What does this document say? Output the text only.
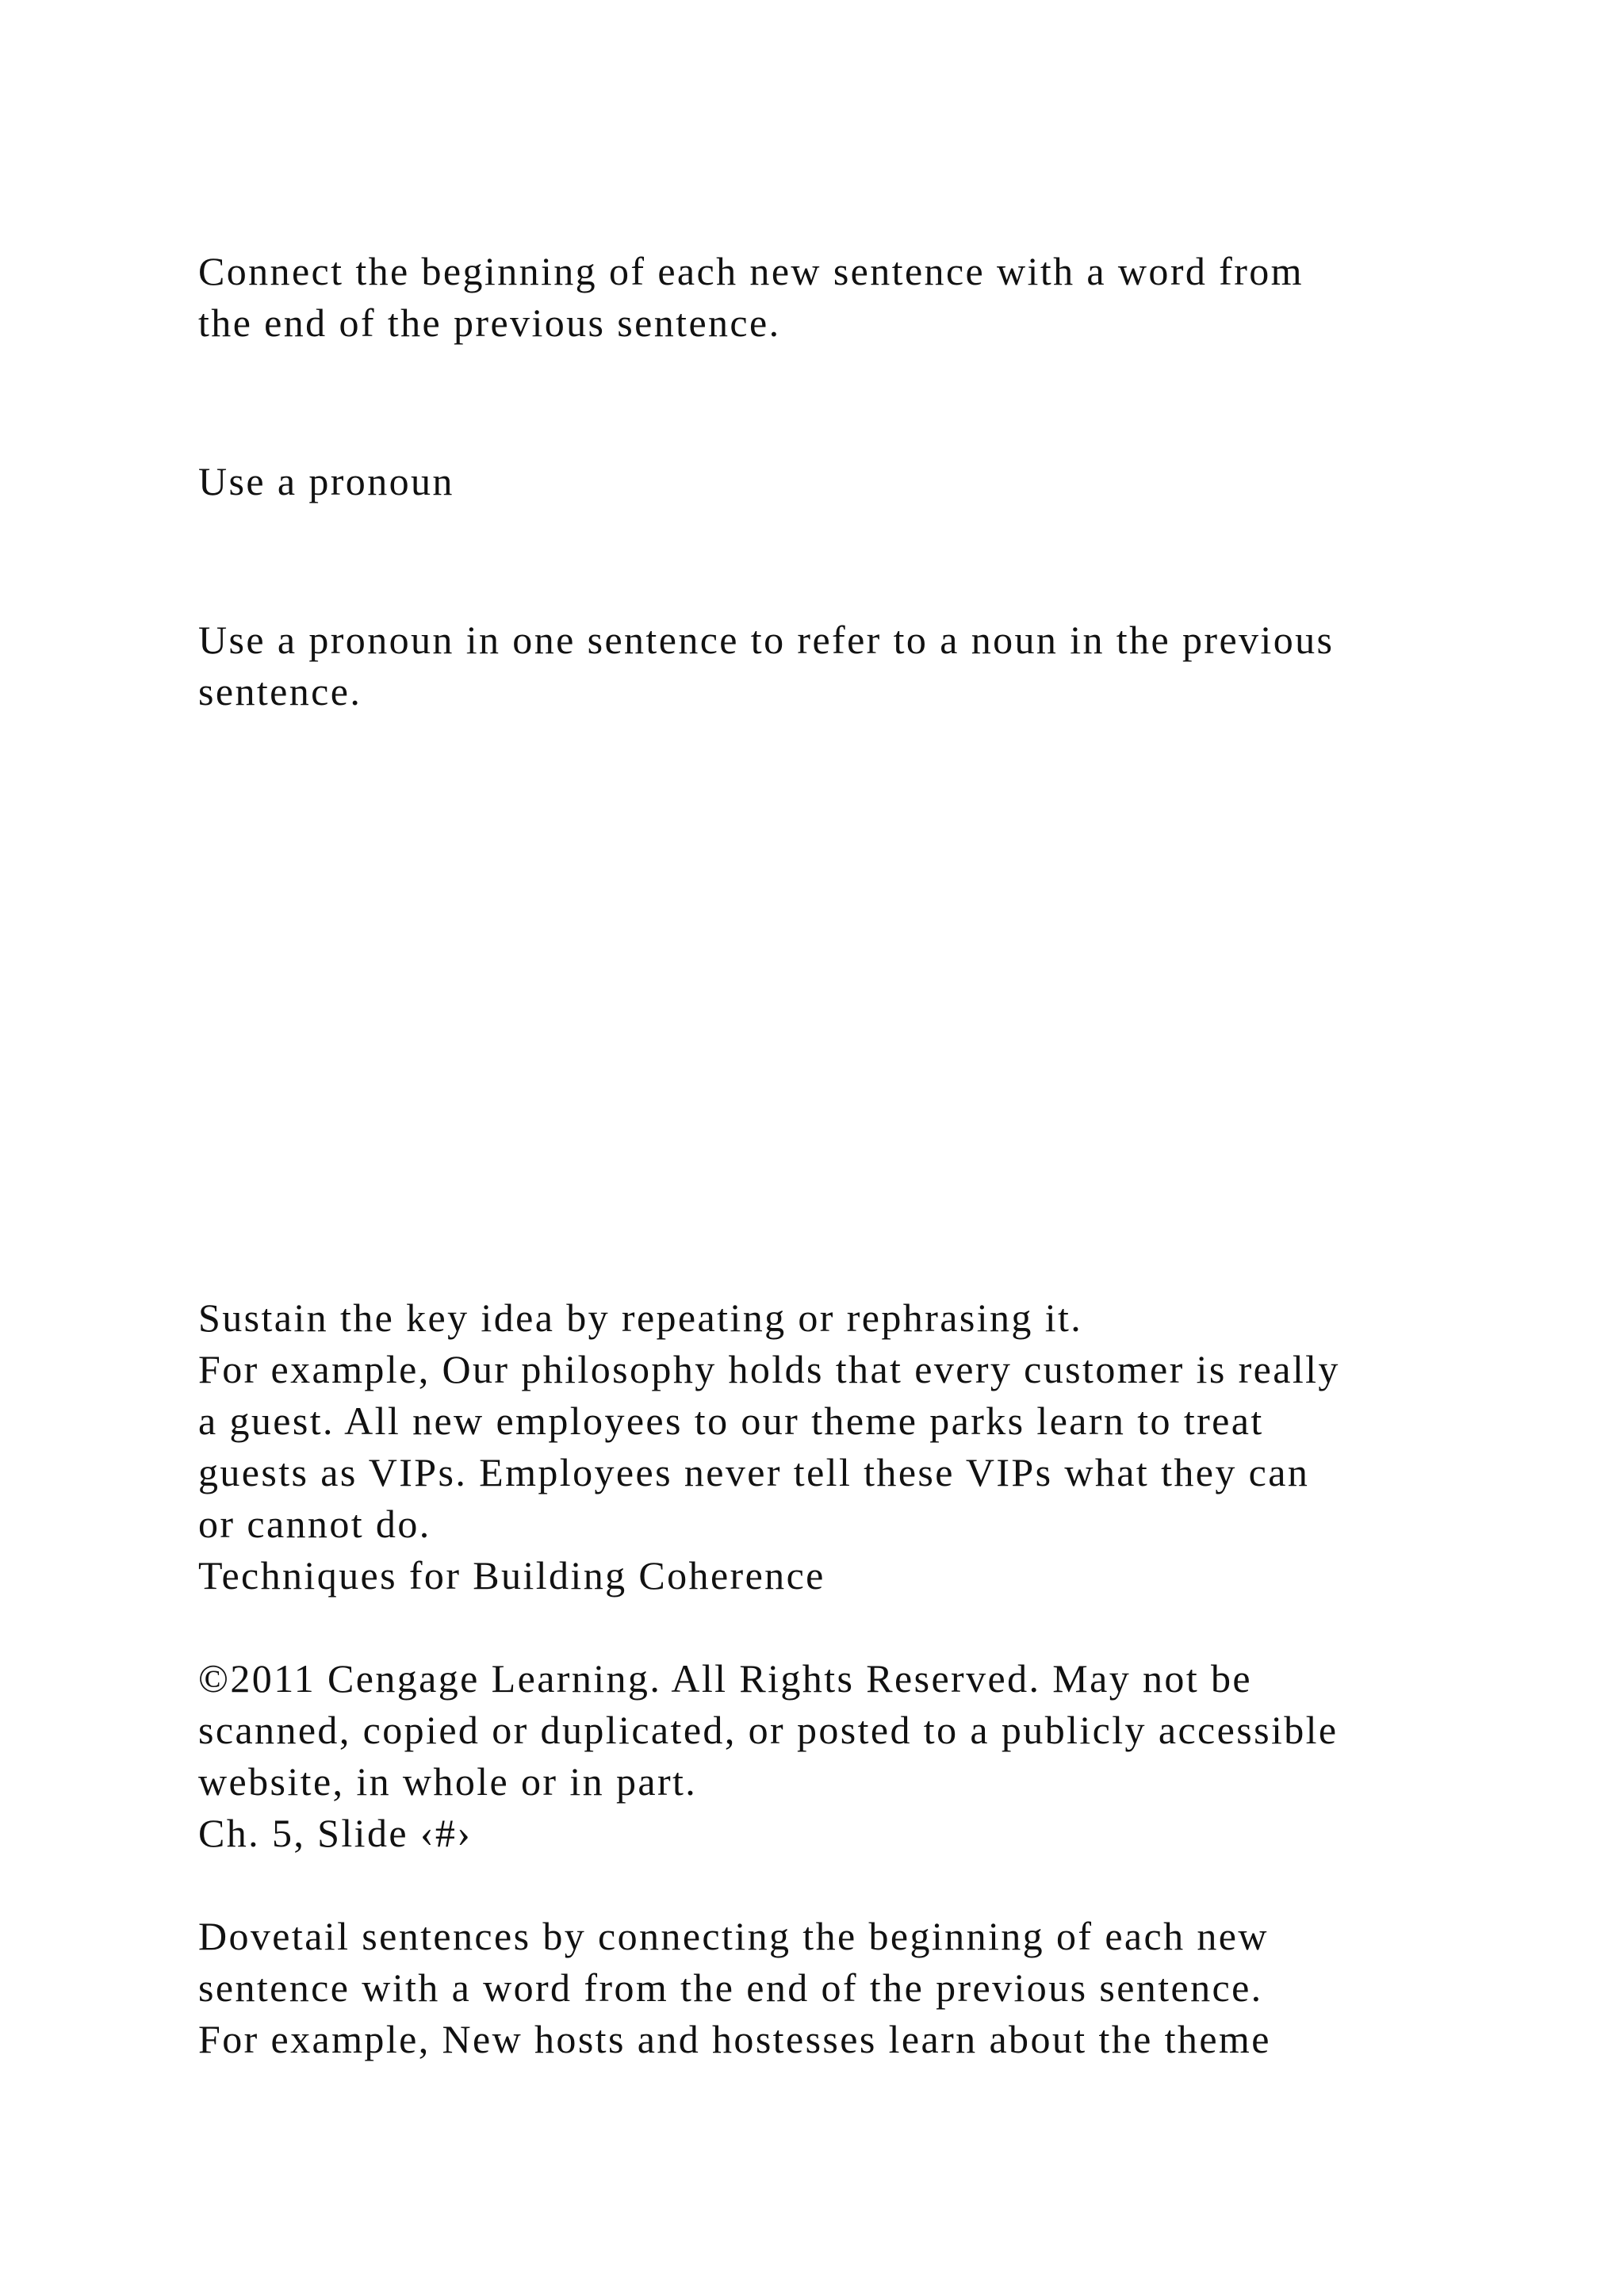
Connect the beginning of each new sentence with a word from
the end of the previous sentence.
Use a pronoun
Use a pronoun in one sentence to refer to a noun in the previous
sentence.
Sustain the key idea by repeating or rephrasing it.
For example, Our philosophy holds that every customer is really
a guest. All new employees to our theme parks learn to treat
guests as VIPs. Employees never tell these VIPs what they can
or cannot do.
Techniques for Building Coherence

©2011 Cengage Learning. All Rights Reserved. May not be
scanned, copied or duplicated, or posted to a publicly accessible
website, in whole or in part.
Ch. 5, Slide ‹#›

Dovetail sentences by connecting the beginning of each new
sentence with a word from the end of the previous sentence.
For example, New hosts and hostesses learn about the theme
